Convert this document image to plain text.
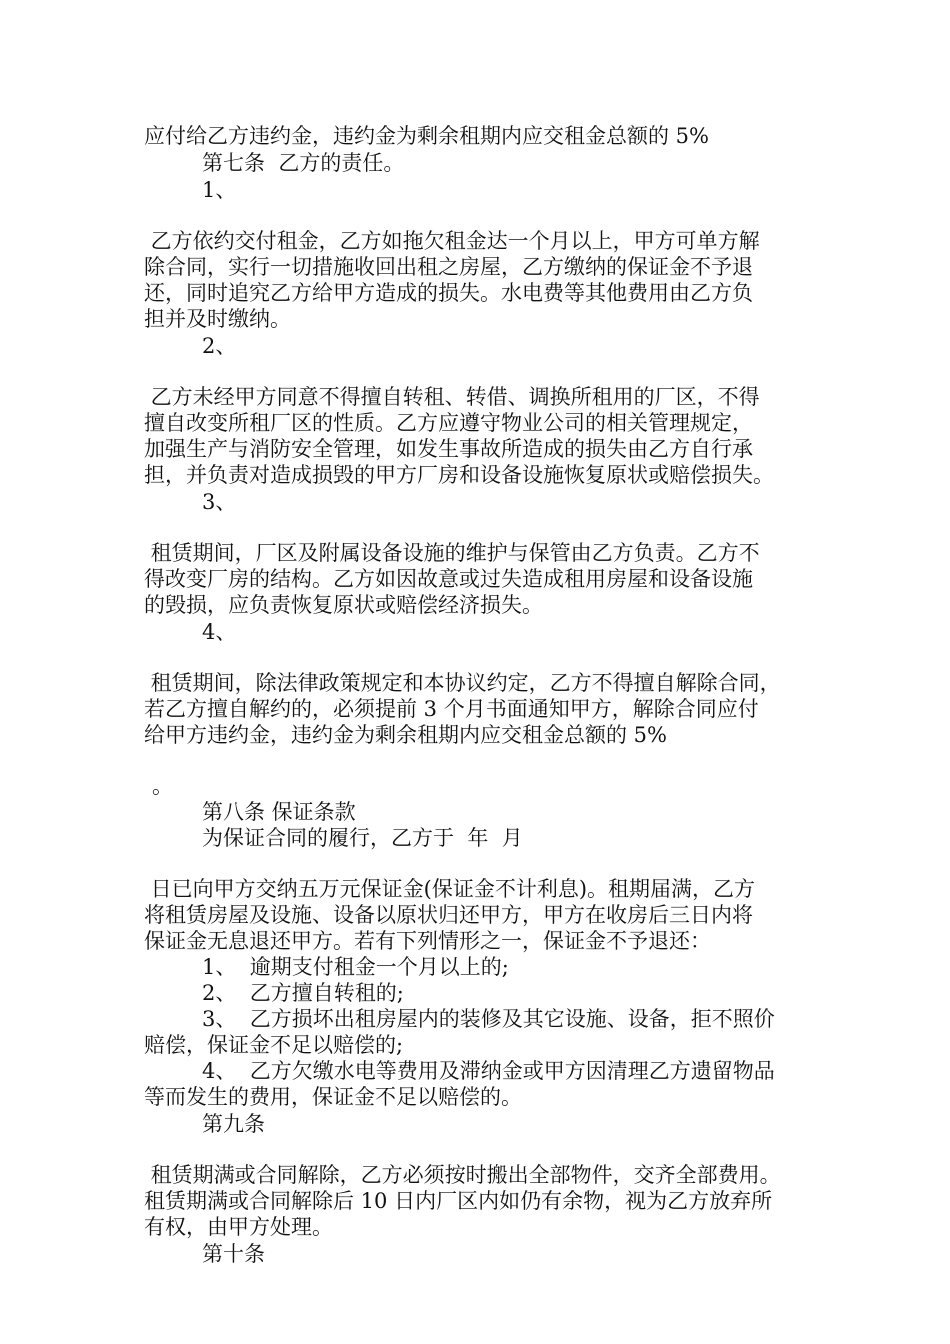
应付给乙方违约金，违约金为剩余租期内应交租金总额的 5%
第七条  乙方的责任。
1、
乙方依约交付租金，乙方如拖欠租金达一个月以上，甲方可单方解
除合同，实行一切措施收回出租之房屋，乙方缴纳的保证金不予退
还，同时追究乙方给甲方造成的损失。水电费等其他费用由乙方负
担并及时缴纳。
2、
乙方未经甲方同意不得擅自转租、转借、调换所租用的厂区，不得
擅自改变所租厂区的性质。乙方应遵守物业公司的相关管理规定，
加强生产与消防安全管理，如发生事故所造成的损失由乙方自行承
担，并负责对造成损毁的甲方厂房和设备设施恢复原状或赔偿损失。
3、
租赁期间，厂区及附属设备设施的维护与保管由乙方负责。乙方不
得改变厂房的结构。乙方如因故意或过失造成租用房屋和设备设施
的毁损，应负责恢复原状或赔偿经济损失。
4、
租赁期间，除法律政策规定和本协议约定，乙方不得擅自解除合同，
若乙方擅自解约的，必须提前 3 个月书面通知甲方，解除合同应付
给甲方违约金，违约金为剩余租期内应交租金总额的 5%
。
第八条 保证条款
为保证合同的履行，乙方于  年  月
日已向甲方交纳五万元保证金(保证金不计利息)。租期届满，乙方
将租赁房屋及设施、设备以原状归还甲方，甲方在收房后三日内将
保证金无息退还甲方。若有下列情形之一，保证金不予退还：
1、  逾期支付租金一个月以上的;
2、  乙方擅自转租的;
3、  乙方损坏出租房屋内的装修及其它设施、设备，拒不照价
赔偿，保证金不足以赔偿的;
4、  乙方欠缴水电等费用及滞纳金或甲方因清理乙方遗留物品
等而发生的费用，保证金不足以赔偿的。
第九条
租赁期满或合同解除，乙方必须按时搬出全部物件，交齐全部费用。
租赁期满或合同解除后 10 日内厂区内如仍有余物，视为乙方放弃所
有权，由甲方处理。
第十条
